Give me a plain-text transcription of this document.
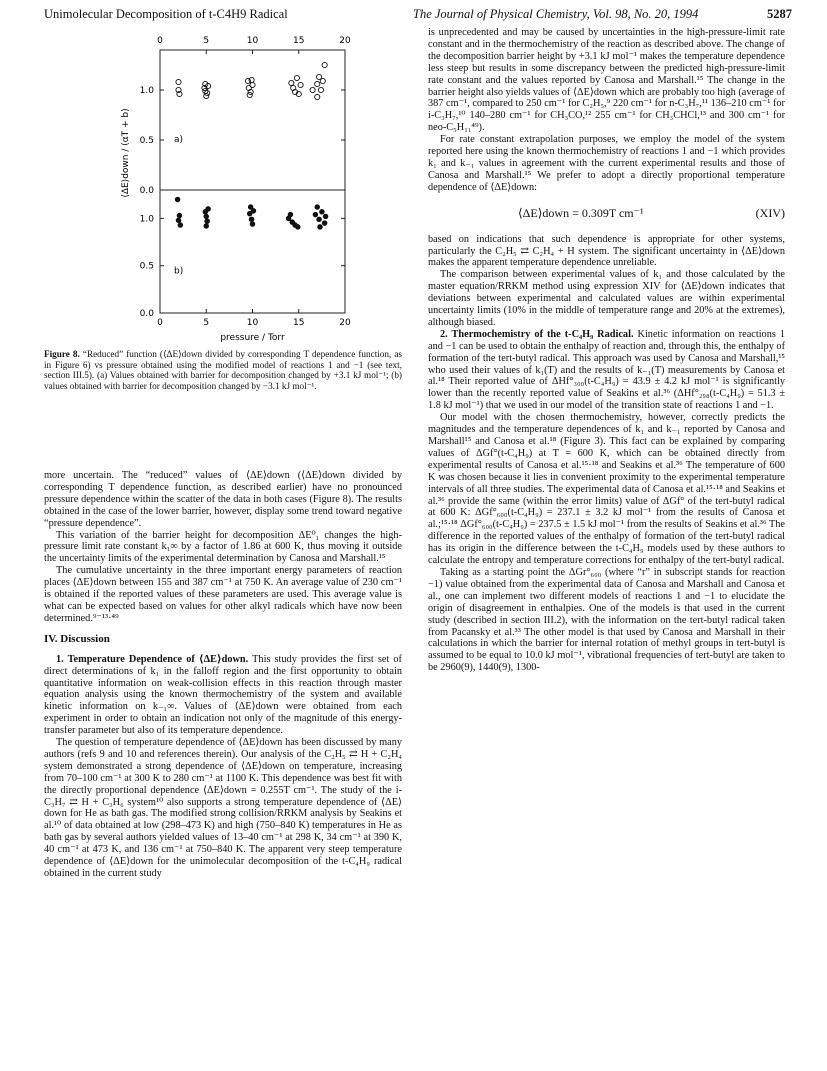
Unimolecular Decomposition of t-C4H9 Radical	The Journal of Physical Chemistry, Vol. 98, No. 20, 1994	5287
0
0
5
5
10
10
15
15
20
20
0.0
0.5
1.0
0.0
0.5
1.0
a)
b)
pressure / Torr
⟨ΔE⟩down / (αT + b)
Figure 8. “Reduced” function (⟨ΔE⟩down divided by corresponding T dependence function, as in Figure 6) vs pressure obtained using the modified model of reactions 1 and −1 (see text, section III.5). (a) Values obtained with barrier for decomposition changed by +3.1 kJ mol⁻¹; (b) values obtained with barrier for decomposition changed by −3.1 kJ mol⁻¹.

more uncertain. The “reduced” values of ⟨ΔE⟩down (⟨ΔE⟩down divided by corresponding T dependence function, as described earlier) have no pronounced pressure dependence within the scatter of the data in both cases (Figure 8). The results obtained in the case of the lower barrier, however, display some trend toward negative “pressure dependence”.

This variation of the barrier height for decomposition ΔE⁰₁ changes the high-pressure limit rate constant k₁∞ by a factor of 1.86 at 600 K, thus moving it outside the uncertainty limits of the experimental determination by Canosa and Marshall.¹⁵

The cumulative uncertainty in the three important energy parameters of reaction places ⟨ΔE⟩down between 155 and 387 cm⁻¹ at 750 K. An average value of 230 cm⁻¹ is obtained if the reported values of these parameters are used. This average value is what can be expected based on values for other alkyl radicals which have now been determined.⁹⁻¹³·⁴⁹

IV. Discussion

1. Temperature Dependence of ⟨ΔE⟩down. This study provides the first set of direct determinations of k₁ in the falloff region and the first opportunity to obtain quantitative information on weak-collision effects in this reaction through master equation analysis using the known thermochemistry of the system and available kinetic information on k₋₁∞. Values of ⟨ΔE⟩down were obtained from each experiment in order to obtain an indication not only of the magnitude of this energy-transfer parameter but also of its temperature dependence.

The question of temperature dependence of ⟨ΔE⟩down has been discussed by many authors (refs 9 and 10 and references therein). Our analysis of the C₂H₅ ⇄ H + C₂H₄ system demonstrated a strong dependence of ⟨ΔE⟩down on temperature, increasing from 70–100 cm⁻¹ at 300 K to 280 cm⁻¹ at 1100 K. This dependence was best fit with the directly proportional dependence ⟨ΔE⟩down = 0.255T cm⁻¹. The study of the i-C₃H₇ ⇄ H + C₃H₆ system¹⁰ also supports a strong temperature dependence of ⟨ΔE⟩down for He as bath gas. The modified strong collision/RRKM analysis by Seakins et al.¹⁰ of data obtained at low (298–473 K) and high (750–840 K) temperatures in He as bath gas by several authors yielded values of 13–40 cm⁻¹ at 298 K, 34 cm⁻¹ at 390 K, 40 cm⁻¹ at 473 K, and 136 cm⁻¹ at 750–840 K. The apparent very steep temperature dependence of ⟨ΔE⟩down for the unimolecular decomposition of the t-C₄H₉ radical obtained in the current study

is unprecedented and may be caused by uncertainties in the high-pressure-limit rate constant and in the thermochemistry of the reaction as described above. The change of the decomposition barrier height by +3.1 kJ mol⁻¹ makes the temperature dependence less steep but results in some discrepancy between the predicted high-pressure-limit rate constant and the values reported by Canosa and Marshall.¹⁵ The change in the barrier height also yields values of ⟨ΔE⟩down which are probably too high (average of 387 cm⁻¹, compared to 250 cm⁻¹ for C₂H₅,⁹ 220 cm⁻¹ for n-C₃H₇,¹¹ 136–210 cm⁻¹ for i-C₃H₇,¹⁰ 140–280 cm⁻¹ for CH₃CO,¹² 255 cm⁻¹ for CH₃CHCl,¹³ and 300 cm⁻¹ for neo-C₅H₁₁⁴⁹).

For rate constant extrapolation purposes, we employ the model of the system reported here using the known thermochemistry of reactions 1 and −1 which provides k₁ and k₋₁ values in agreement with the current experimental results and those of Canosa and Marshall.¹⁵ We prefer to adopt a directly proportional temperature dependence of ⟨ΔE⟩down:

⟨ΔE⟩down = 0.309T cm⁻¹	(XIV)

based on indications that such dependence is appropriate for other systems, particularly the C₂H₅ ⇄ C₂H₄ + H system. The significant uncertainty in ⟨ΔE⟩down makes the apparent temperature dependence unreliable.

The comparison between experimental values of k₁ and those calculated by the master equation/RRKM method using expression XIV for ⟨ΔE⟩down indicates that deviations between experimental and calculated values are within experimental uncertainty limits (10% in the middle of temperature range and 20% at the extremes), although biased.

2. Thermochemistry of the t-C₄H₉ Radical. Kinetic information on reactions 1 and −1 can be used to obtain the enthalpy of reaction and, through this, the enthalpy of formation of the tert-butyl radical. This approach was used by Canosa and Marshall,¹⁵ who used their values of k₁(T) and the results of k₋₁(T) measurements by Canosa et al.¹⁸ Their reported value of ΔHf°₃₀₀(t-C₄H₉) = 43.9 ± 4.2 kJ mol⁻¹ is significantly lower than the recently reported value of Seakins et al.³⁶ (ΔHf°₂₉₈(t-C₄H₉) = 51.3 ± 1.8 kJ mol⁻¹) that we used in our model of the transition state of reactions 1 and −1.

Our model with the chosen thermochemistry, however, correctly predicts the magnitudes and the temperature dependences of k₁ and k₋₁ reported by Canosa and Marshall¹⁵ and Canosa et al.¹⁸ (Figure 3). This fact can be explained by comparing values of ΔGf°(t-C₄H₉) at T = 600 K, which can be obtained directly from experimental results of Canosa et al.¹⁵·¹⁸ and Seakins et al.³⁶ The temperature of 600 K was chosen because it lies in convenient proximity to the experimental temperature intervals of all three studies. The experimental data of Canosa et al.¹⁵·¹⁸ and Seakins et al.³⁶ provide the same (within the error limits) value of ΔGf° of the tert-butyl radical at 600 K: ΔGf°₆₀₀(t-C₄H₉) = 237.1 ± 3.2 kJ mol⁻¹ from the results of Canosa et al.;¹⁵·¹⁸ ΔGf°₆₀₀(t-C₄H₉) = 237.5 ± 1.5 kJ mol⁻¹ from the results of Seakins et al.³⁶ The difference in the reported values of the enthalpy of formation of the tert-butyl radical has its origin in the difference between the t-C₄H₉ models used by these authors to calculate the entropy and temperature corrections for enthalpy of the tert-butyl radical.

Taking as a starting point the ΔGr°₆₀₀ (where “r” in subscript stands for reaction −1) value obtained from the experimental data of Canosa and Marshall and Canosa et al., one can implement two different models of reactions 1 and −1 to elucidate the origin of disagreement in enthalpies. One of the models is that used in the current study (described in section III.2), with the information on the tert-butyl radical taken from Pacansky et al.³³ The other model is that used by Canosa and Marshall in their calculations in which the barrier for internal rotation of methyl groups in tert-butyl is assumed to be equal to 10.0 kJ mol⁻¹, vibrational frequencies of tert-butyl are taken to be 2960(9), 1440(9), 1300-
